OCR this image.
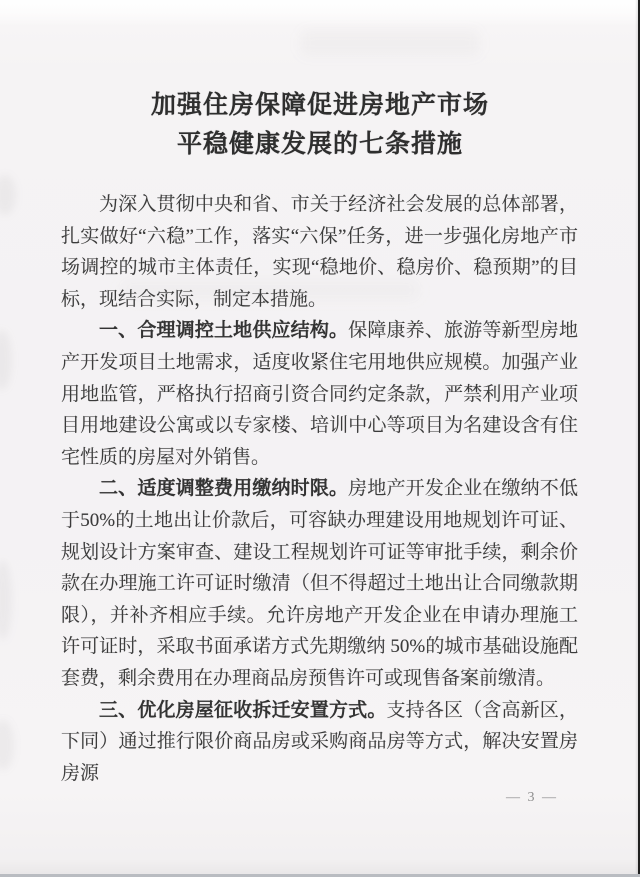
加强住房保障促进房地产市场
平稳健康发展的七条措施

为深入贯彻中央和省、市关于经济社会发展的总体部署，扎实做好“六稳”工作，落实“六保”任务，进一步强化房地产市场调控的城市主体责任，实现“稳地价、稳房价、稳预期”的目标，现结合实际，制定本措施。

一、合理调控土地供应结构。保障康养、旅游等新型房地产开发项目土地需求，适度收紧住宅用地供应规模。加强产业用地监管，严格执行招商引资合同约定条款，严禁利用产业项目用地建设公寓或以专家楼、培训中心等项目为名建设含有住宅性质的房屋对外销售。

二、适度调整费用缴纳时限。房地产开发企业在缴纳不低于50%的土地出让价款后，可容缺办理建设用地规划许可证、规划设计方案审查、建设工程规划许可证等审批手续，剩余价款在办理施工许可证时缴清（但不得超过土地出让合同缴款期限），并补齐相应手续。允许房地产开发企业在申请办理施工许可证时，采取书面承诺方式先期缴纳 50%的城市基础设施配套费，剩余费用在办理商品房预售许可或现售备案前缴清。

三、优化房屋征收拆迁安置方式。支持各区（含高新区，下同）通过推行限价商品房或采购商品房等方式，解决安置房房源

— 3 —
